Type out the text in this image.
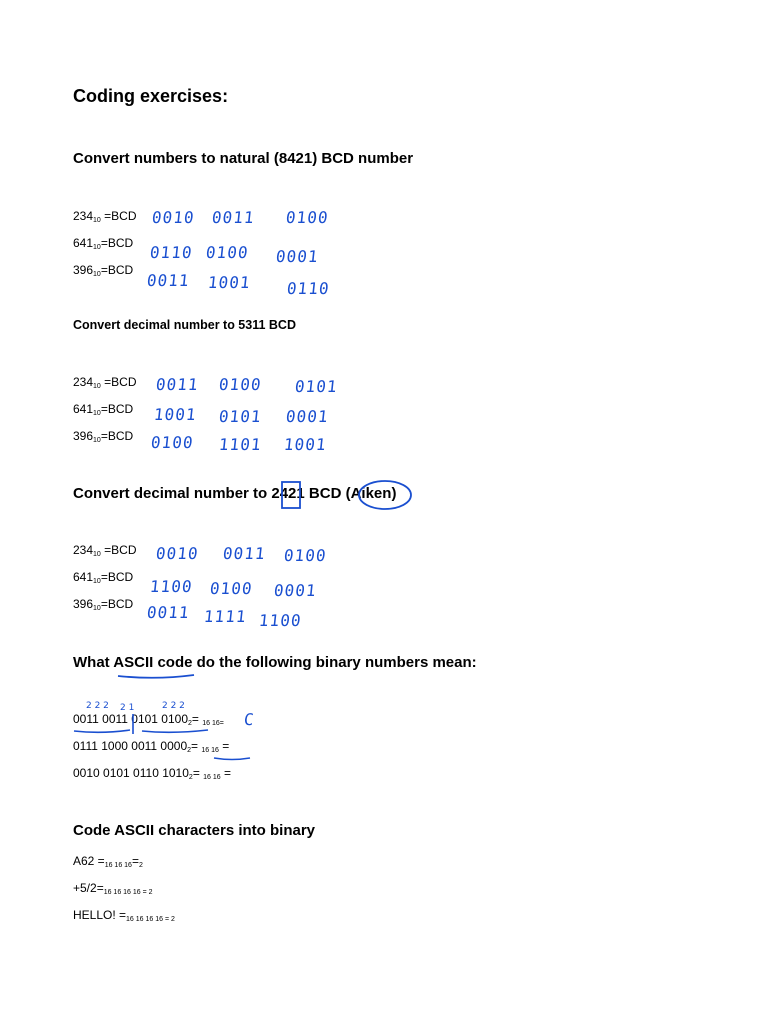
Coding exercises:
Convert numbers to natural (8421) BCD number
$234_{10} =BCD$
$641_{10}=BCD$
$396_{10}=BCD$
0010 0011 0100
0110 0100 0001
0011 1001 0110
Convert decimal number to 5311 BCD
$234_{10} =BCD$
$641_{10}=BCD$
$396_{10}=BCD$
0011 0100 0101
1001 0101 0001
0100 1101 1001
Convert decimal number to 2421 BCD (Aiken)
$234_{10} =BCD$
$641_{10}=BCD$
$396_{10}=BCD$
0010 0011 0100
1100 0100 0001
0011 1111 1100
What ASCII code do the following binary numbers mean:
2 2 2 2 1	2 2 2
0011 0011 0101 $0100_2= 16$ 16= C
0111 1000 0011 $0000_2= 16$ 16 =
0010 0101 0110 $1010_2= 16$ 16 =
Code ASCII characters into binary
A62 =16 16 16=2
+5/2=16 16 16 16 = 2
HELLO! =16 16 16 16 = 2
